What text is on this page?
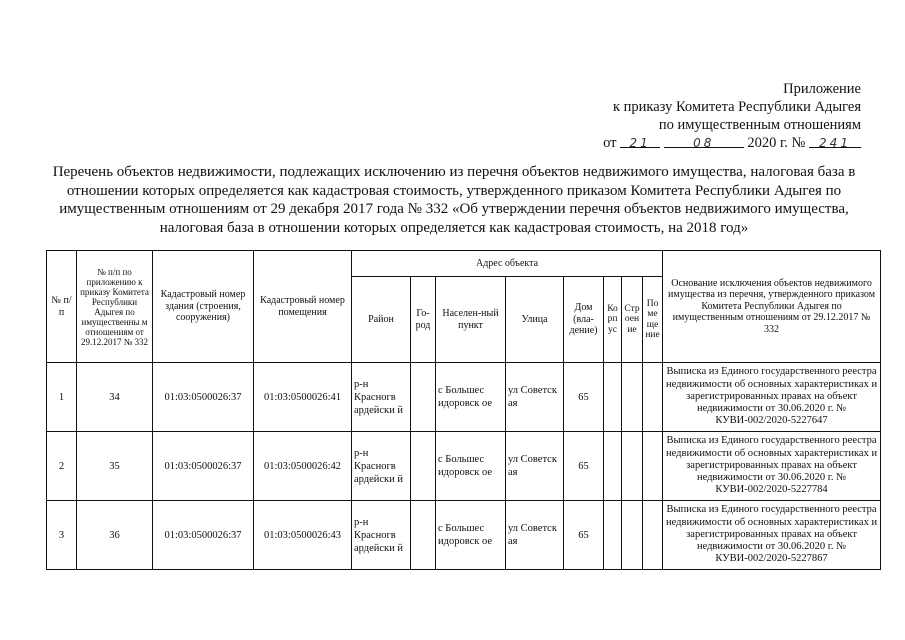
Приложение
к приказу Комитета Республики Адыгея
по имущественным отношениям
от 21	08 2020 г. № 241
Перечень объектов недвижимости, подлежащих исключению из перечня объектов недвижимого имущества, налоговая база в отношении которых определяется как кадастровая стоимость, утвержденного приказом Комитета Республики Адыгея по имущественным отношениям от 29 декабря 2017 года № 332 «Об утверждении перечня объектов недвижимого имущества, налоговая база в отношении которых определяется как кадастровая стоимость, на 2018 год»
№ п/п	№ п/п по приложению к приказу Комитета Республики Адыгея по имущественны м отношениям от 29.12.2017 № 332	Кадастровый номер здания (строения, сооружения)	Кадастровый номер помещения	Адрес объекта								Основание исключения объектов недвижимого имущества из перечня, утвержденного приказом Комитета Республики Адыгея по имущественным отношениям от 29.12.2017 № 332
				Район	Го-род	Населен-ный пункт	Улица	Дом (вла-дение)	Корпус	Строение	Помещение	
1	34	01:03:0500026:37	01:03:0500026:41	р-н Красногв ардейски й		с Большес идоровск ое	ул Советск ая	65				Выписка из Единого государственного реестра недвижимости об основных характеристиках и зарегистрированных правах на объект недвижимости от 30.06.2020 г. № КУВИ-002/2020-5227647
2	35	01:03:0500026:37	01:03:0500026:42	р-н Красногв ардейски й		с Большес идоровск ое	ул Советск ая	65				Выписка из Единого государственного реестра недвижимости об основных характеристиках и зарегистрированных правах на объект недвижимости от 30.06.2020 г. № КУВИ-002/2020-5227784
3	36	01:03:0500026:37	01:03:0500026:43	р-н Красногв ардейски й		с Большес идоровск ое	ул Советск ая	65				Выписка из Единого государственного реестра недвижимости об основных характеристиках и зарегистрированных правах на объект недвижимости от 30.06.2020 г. № КУВИ-002/2020-5227867
